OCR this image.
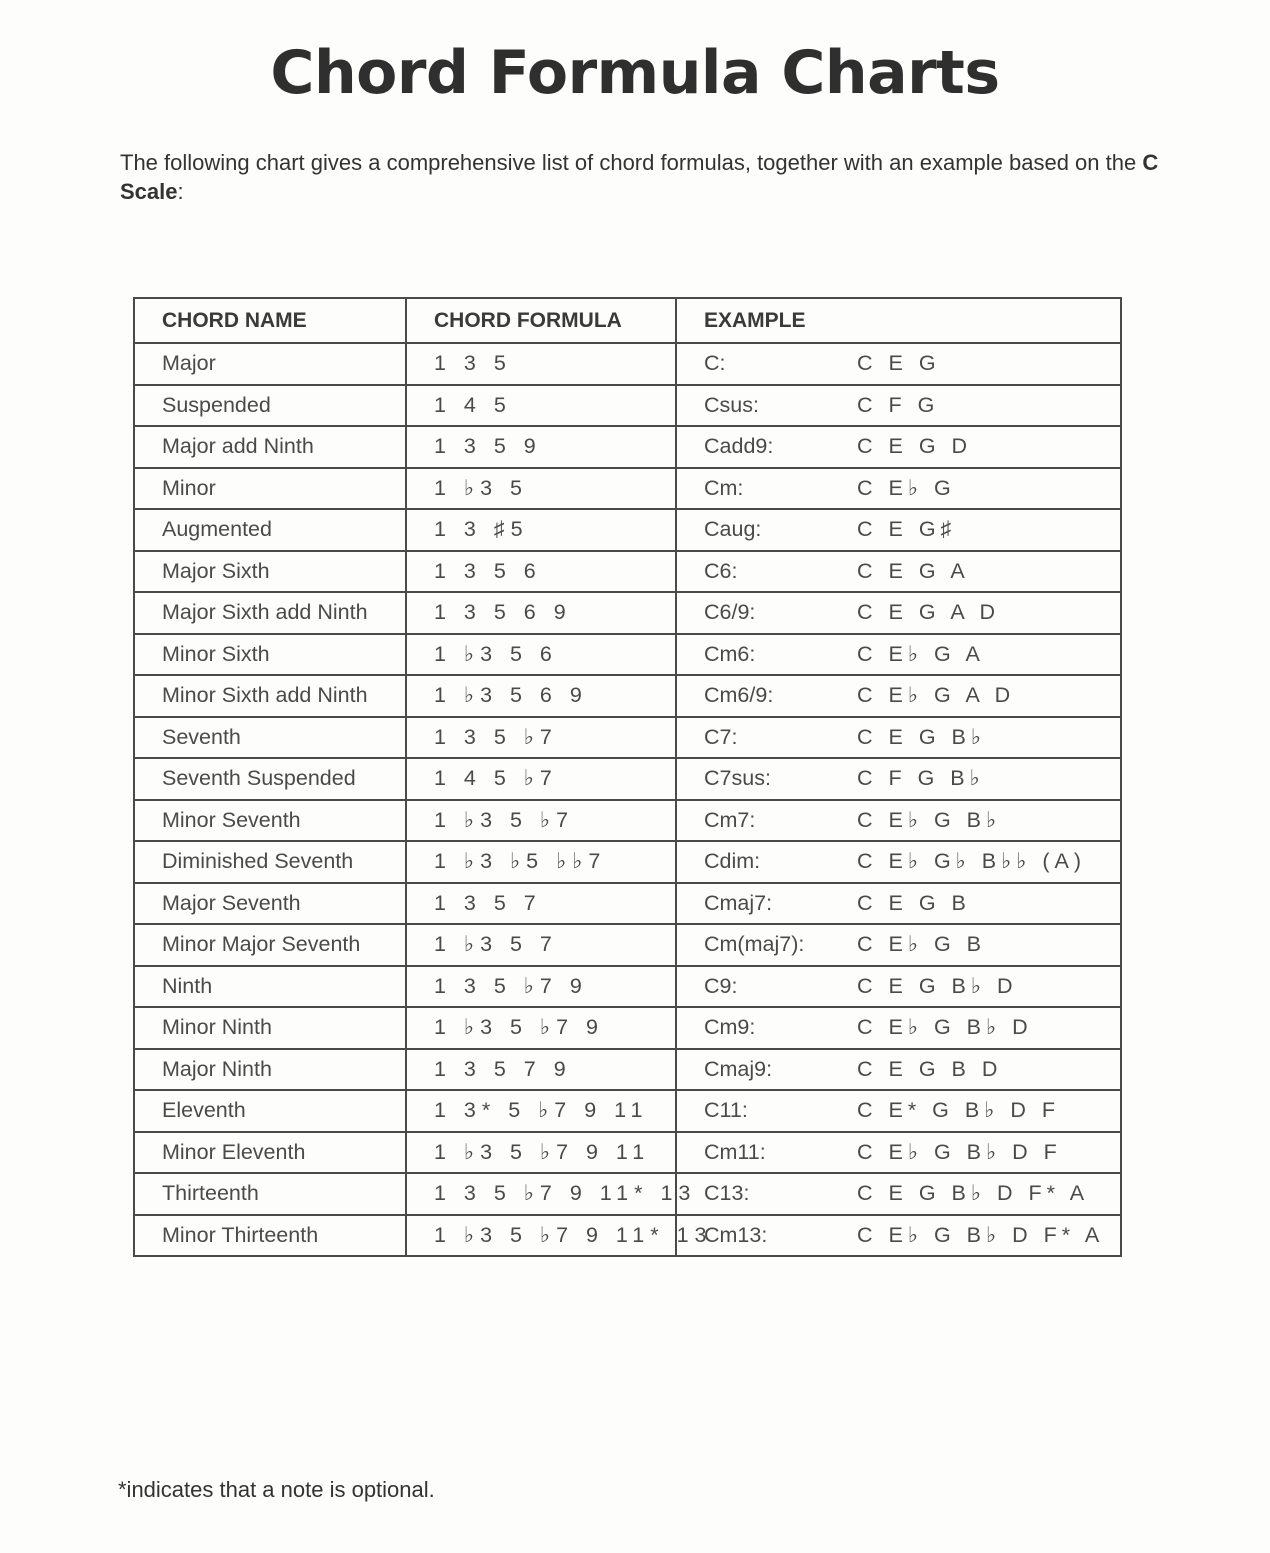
Chord Formula Charts

The following chart gives a comprehensive list of chord formulas, together with an example based on the C Scale:

CHORD NAME	CHORD FORMULA	EXAMPLE
Major	1 3 5	C: C E G
Suspended	1 4 5	Csus: C F G
Major add Ninth	1 3 5 9	Cadd9: C E G D
Minor	1 ♭3 5	Cm: C E♭ G
Augmented	1 3 ♯5	Caug: C E G♯
Major Sixth	1 3 5 6	C6: C E G A
Major Sixth add Ninth	1 3 5 6 9	C6/9: C E G A D
Minor Sixth	1 ♭3 5 6	Cm6: C E♭ G A
Minor Sixth add Ninth	1 ♭3 5 6 9	Cm6/9: C E♭ G A D
Seventh	1 3 5 ♭7	C7: C E G B♭
Seventh Suspended	1 4 5 ♭7	C7sus: C F G B♭
Minor Seventh	1 ♭3 5 ♭7	Cm7: C E♭ G B♭
Diminished Seventh	1 ♭3 ♭5 ♭♭7	Cdim: C E♭ G♭ B♭♭ (A)
Major Seventh	1 3 5 7	Cmaj7: C E G B
Minor Major Seventh	1 ♭3 5 7	Cm(maj7): C E♭ G B
Ninth	1 3 5 ♭7 9	C9: C E G B♭ D
Minor Ninth	1 ♭3 5 ♭7 9	Cm9: C E♭ G B♭ D
Major Ninth	1 3 5 7 9	Cmaj9: C E G B D
Eleventh	1 3* 5 ♭7 9 11	C11: C E* G B♭ D F
Minor Eleventh	1 ♭3 5 ♭7 9 11	Cm11: C E♭ G B♭ D F
Thirteenth	1 3 5 ♭7 9 11* 13	C13: C E G B♭ D F* A
Minor Thirteenth	1 ♭3 5 ♭7 9 11* 13	Cm13: C E♭ G B♭ D F* A

*indicates that a note is optional.
